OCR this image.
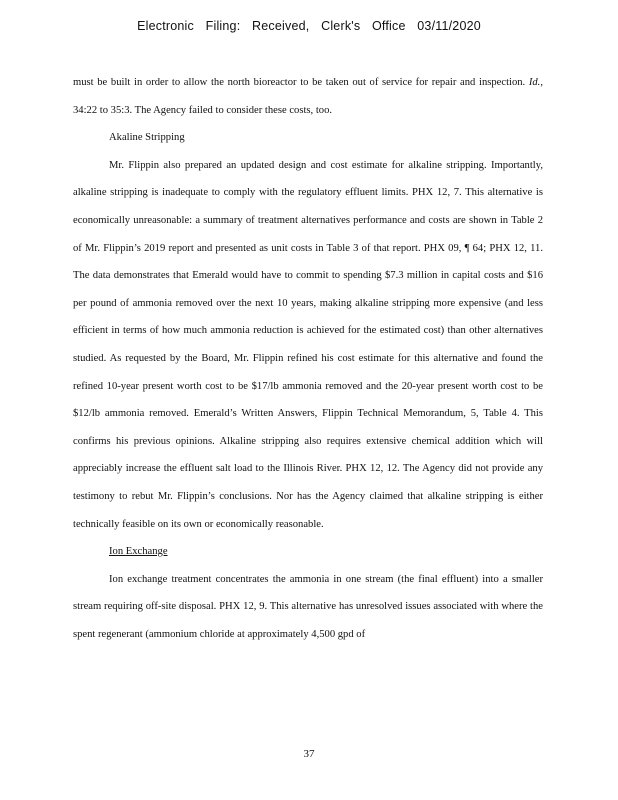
Electronic Filing: Received, Clerk's Office 03/11/2020

must be built in order to allow the north bioreactor to be taken out of service for repair and inspection. Id., 34:22 to 35:3. The Agency failed to consider these costs, too.

Akaline Stripping

Mr. Flippin also prepared an updated design and cost estimate for alkaline stripping. Importantly, alkaline stripping is inadequate to comply with the regulatory effluent limits. PHX 12, 7. This alternative is economically unreasonable: a summary of treatment alternatives performance and costs are shown in Table 2 of Mr. Flippin’s 2019 report and presented as unit costs in Table 3 of that report. PHX 09, ¶ 64; PHX 12, 11. The data demonstrates that Emerald would have to commit to spending $7.3 million in capital costs and $16 per pound of ammonia removed over the next 10 years, making alkaline stripping more expensive (and less efficient in terms of how much ammonia reduction is achieved for the estimated cost) than other alternatives studied. As requested by the Board, Mr. Flippin refined his cost estimate for this alternative and found the refined 10-year present worth cost to be $17/lb ammonia removed and the 20-year present worth cost to be $12/lb ammonia removed. Emerald’s Written Answers, Flippin Technical Memorandum, 5, Table 4. This confirms his previous opinions. Alkaline stripping also requires extensive chemical addition which will appreciably increase the effluent salt load to the Illinois River. PHX 12, 12. The Agency did not provide any testimony to rebut Mr. Flippin’s conclusions. Nor has the Agency claimed that alkaline stripping is either technically feasible on its own or economically reasonable.

Ion Exchange

Ion exchange treatment concentrates the ammonia in one stream (the final effluent) into a smaller stream requiring off-site disposal. PHX 12, 9. This alternative has unresolved issues associated with where the spent regenerant (ammonium chloride at approximately 4,500 gpd of

37
